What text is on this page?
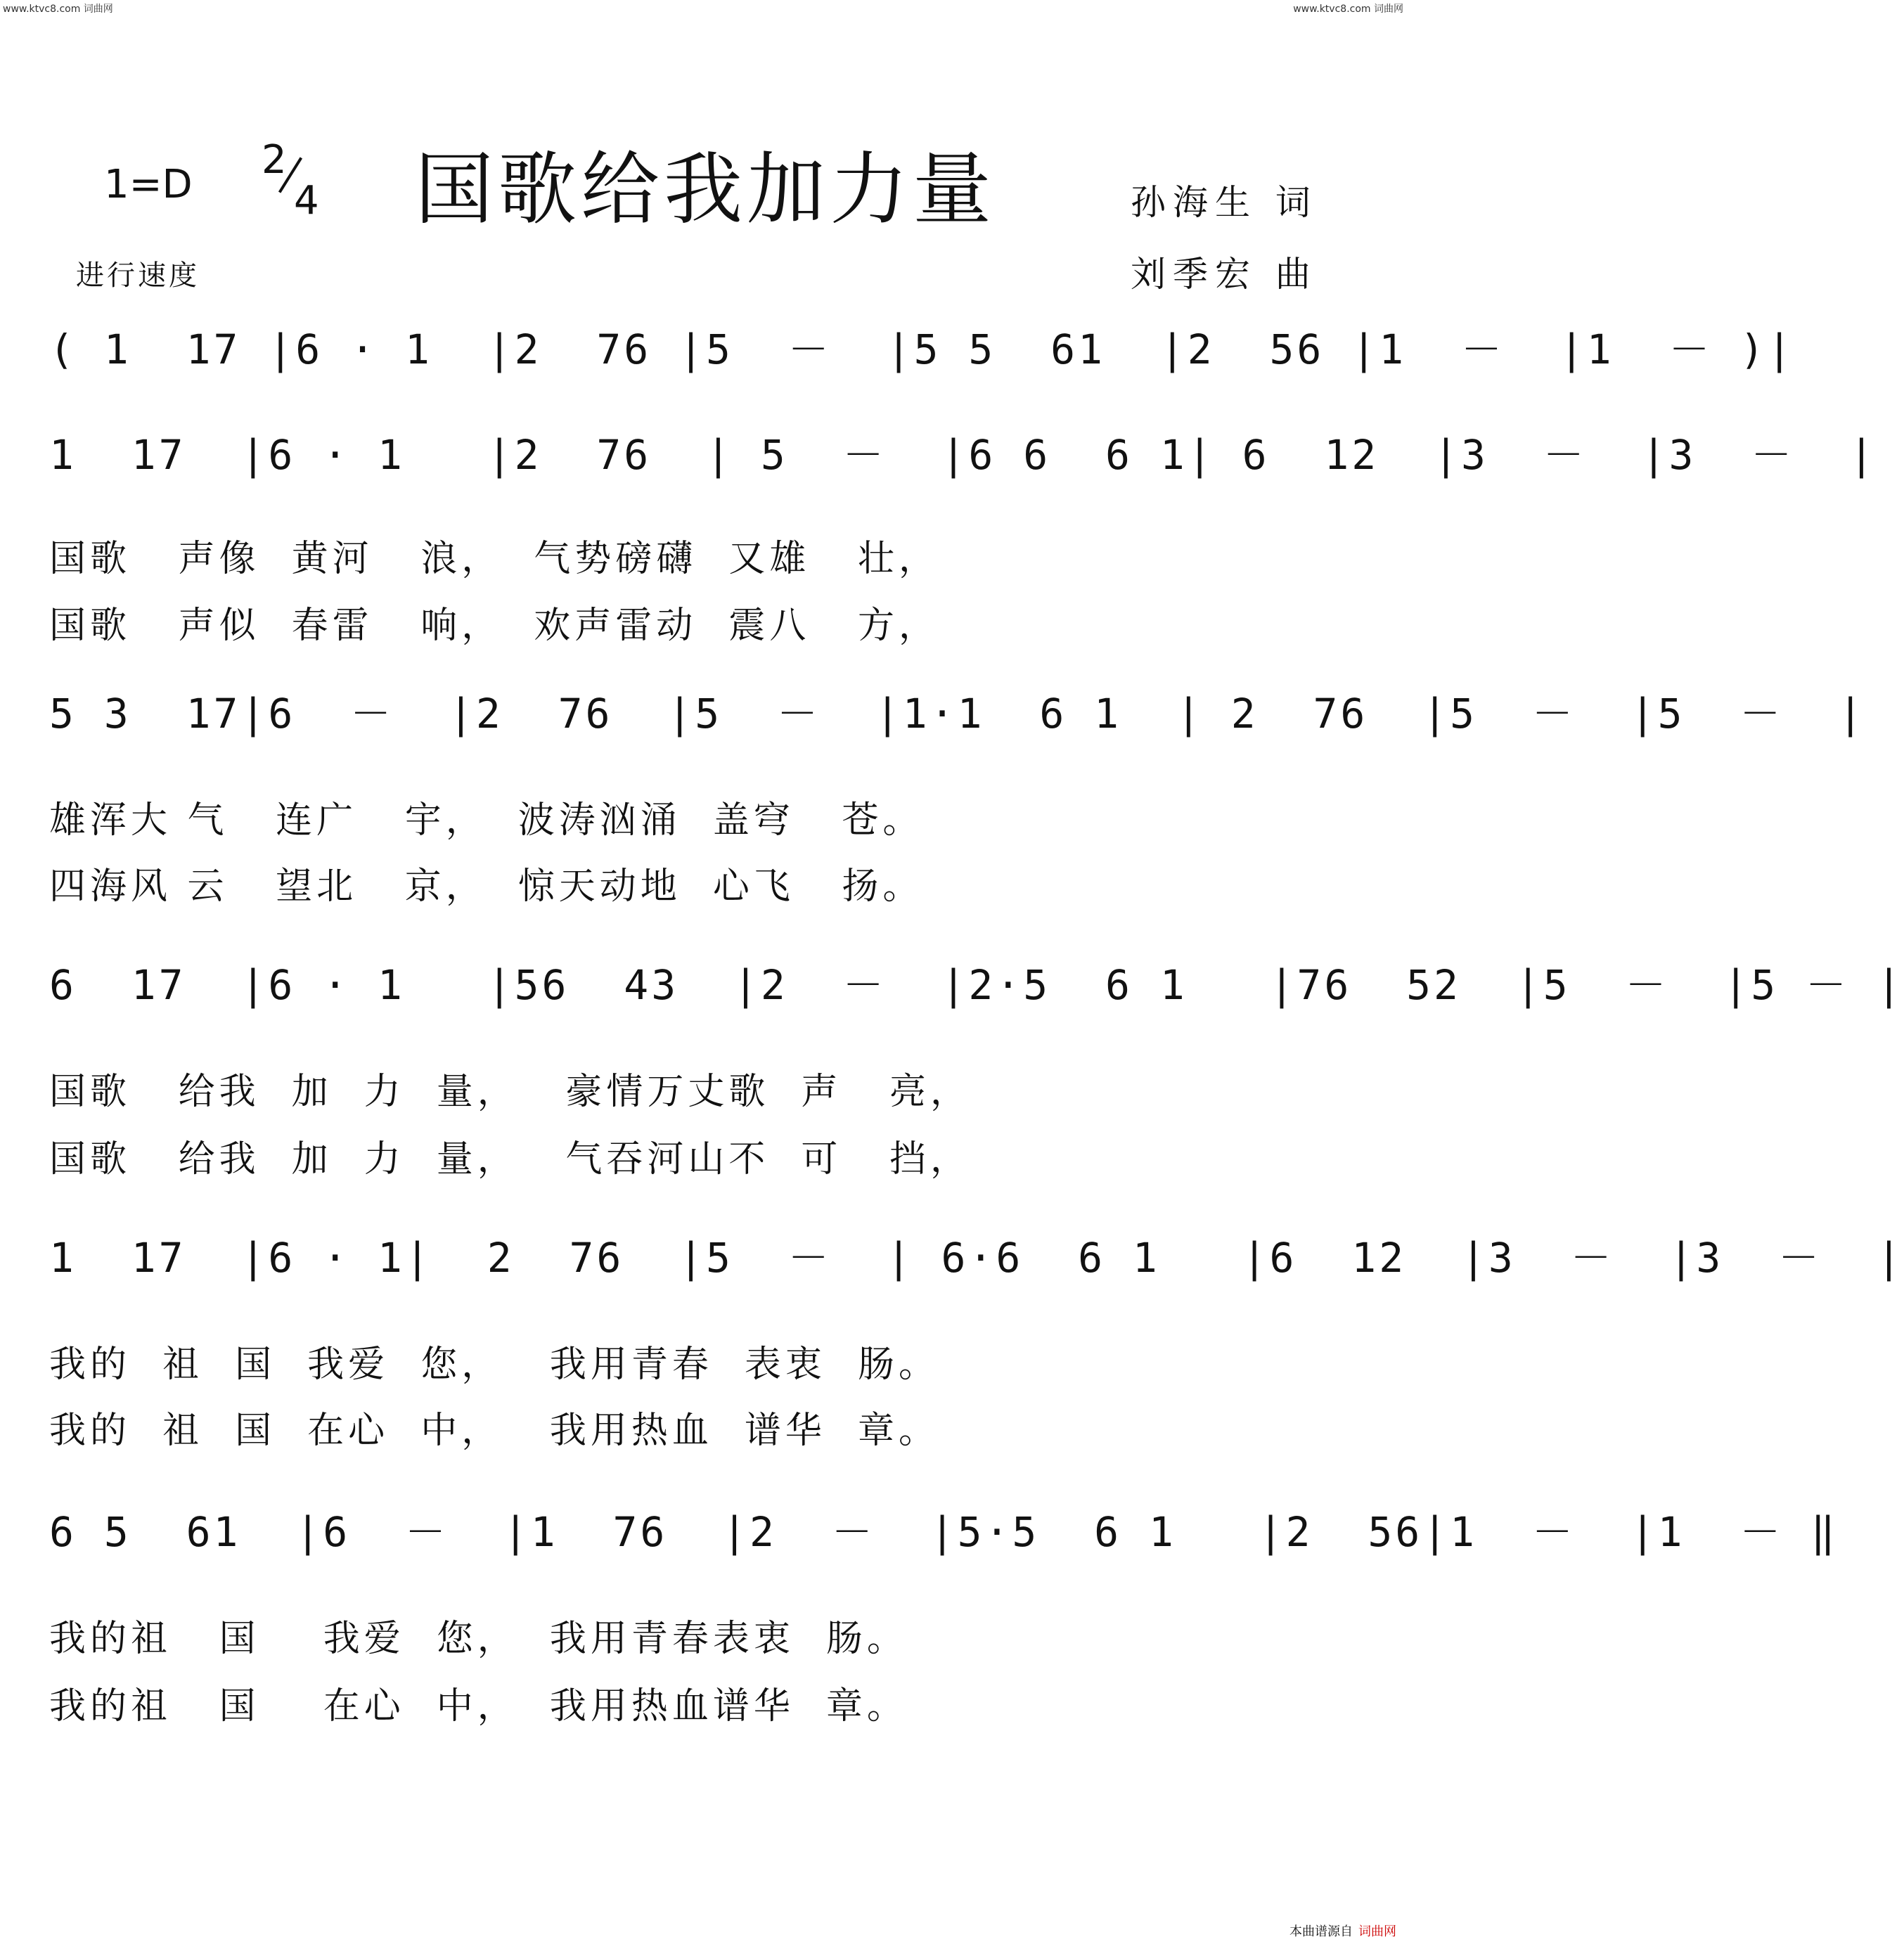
www.ktvc8.com 词曲网	www.ktvc8.com 词曲网
1=D
2
4 国歌给我加力量	孙海生 词
刘季宏 曲
进行速度
( 1  17 |6 · 1  |2  76 |5  －  |5 5  61  |2  56 |1  －  |1  － )|
1  17  |6 · 1   |2  76  | 5  －  |6 6  6 1| 6  12  |3  －  |3  －  |
国歌   声像  黄河   浪，  气势磅礴  又雄   壮，
国歌   声似  春雷   响，  欢声雷动  震八   方，
5 3  17|6  －  |2  76  |5  －  |1·1  6 1  | 2  76  |5  －  |5  －  |
雄浑大 气   连广   宇，  波涛汹涌  盖穹   苍。
四海风 云   望北   京，  惊天动地  心飞   扬。
6  17  |6 · 1   |56  43  |2  －  |2·5  6 1   |76  52  |5  －  |5 － |
国歌   给我  加  力  量，   豪情万丈歌  声   亮，
国歌   给我  加  力  量，   气吞河山不  可   挡，
1  17  |6 · 1|  2  76  |5  －  | 6·6  6 1   |6  12  |3  －  |3  －  |
我的  祖  国  我爱  您，   我用青春  表衷  肠。
我的  祖  国  在心  中，   我用热血  谱华  章。
6 5  61  |6  －  |1  76  |2  －  |5·5  6 1   |2  56|1  －  |1  － ‖
我的祖   国    我爱  您，  我用青春表衷  肠。
我的祖   国    在心  中，  我用热血谱华  章。
本曲谱源自 词曲网
